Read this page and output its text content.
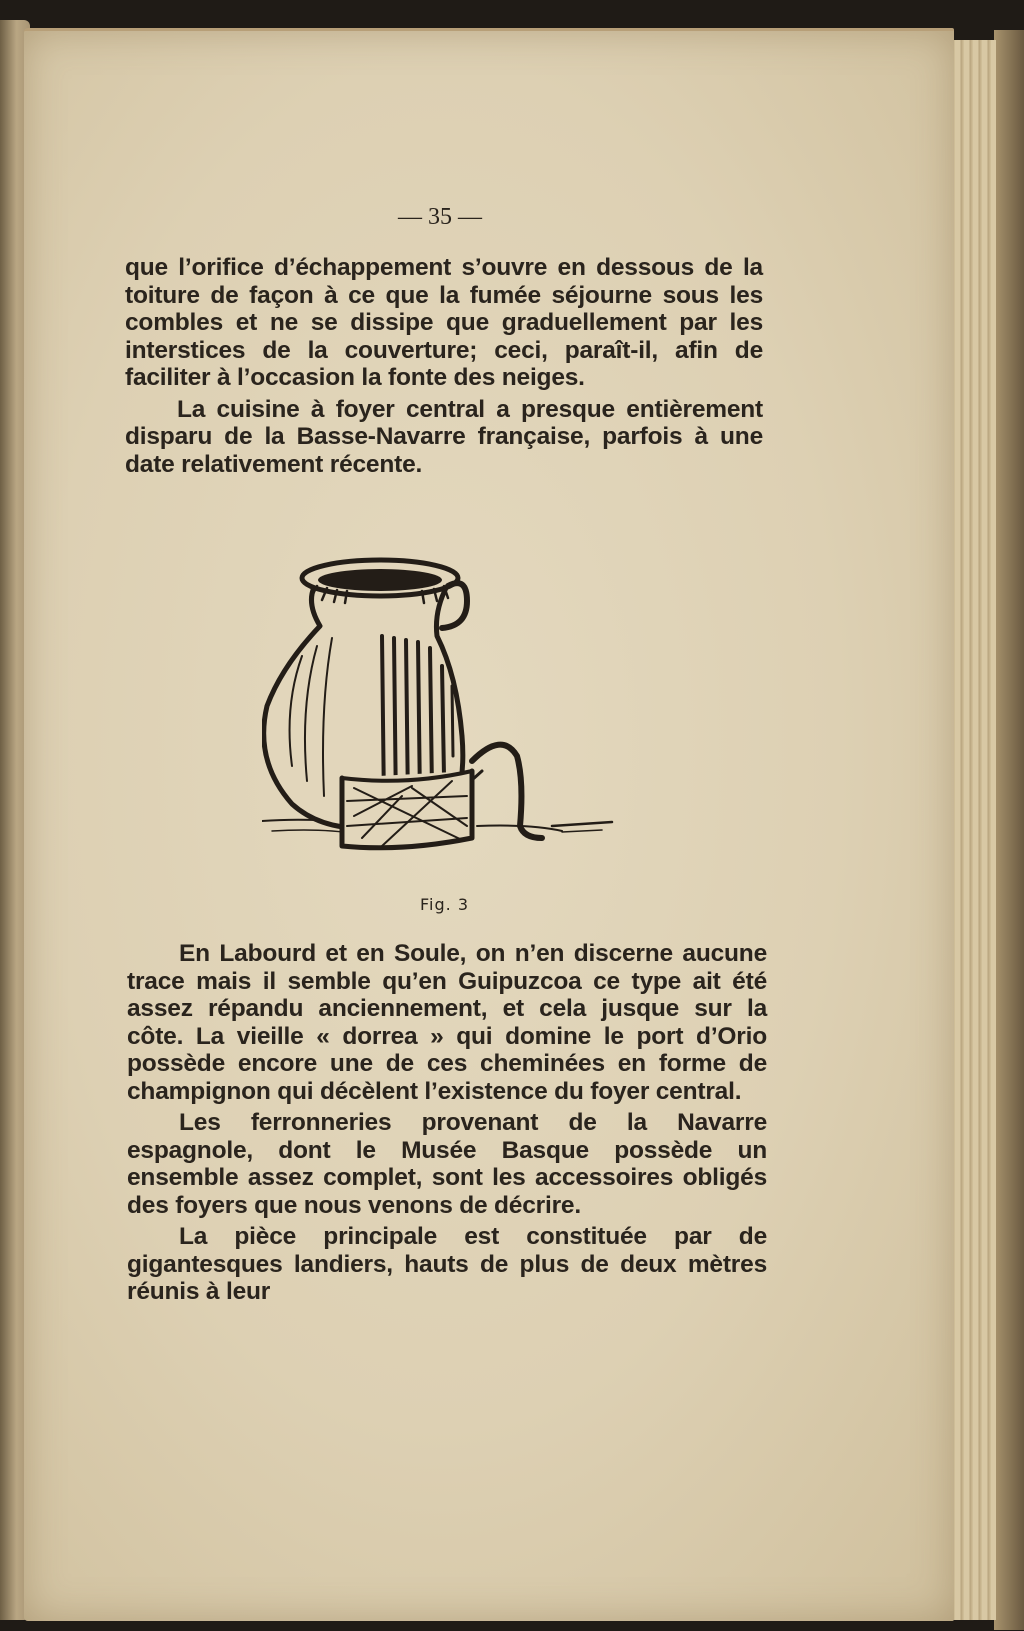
— 35 —

que l’orifice d’échappement s’ouvre en dessous de la toiture de façon à ce que la fumée séjourne sous les combles et ne se dissipe que graduellement par les interstices de la couverture; ceci, paraît-il, afin de faciliter à l’occasion la fonte des neiges.

La cuisine à foyer central a presque entièrement disparu de la Basse-Navarre française, parfois à une date relativement récente.

Fig. 3

En Labourd et en Soule, on n’en discerne aucune trace mais il semble qu’en Guipuzcoa ce type ait été assez répandu anciennement, et cela jusque sur la côte. La vieille « dorrea » qui domine le port d’Orio possède encore une de ces cheminées en forme de champignon qui décèlent l’existence du foyer central.

Les ferronneries provenant de la Navarre espagnole, dont le Musée Basque possède un ensemble assez complet, sont les accessoires obligés des foyers que nous venons de décrire.

La pièce principale est constituée par de gigantesques landiers, hauts de plus de deux mètres réunis à leur
